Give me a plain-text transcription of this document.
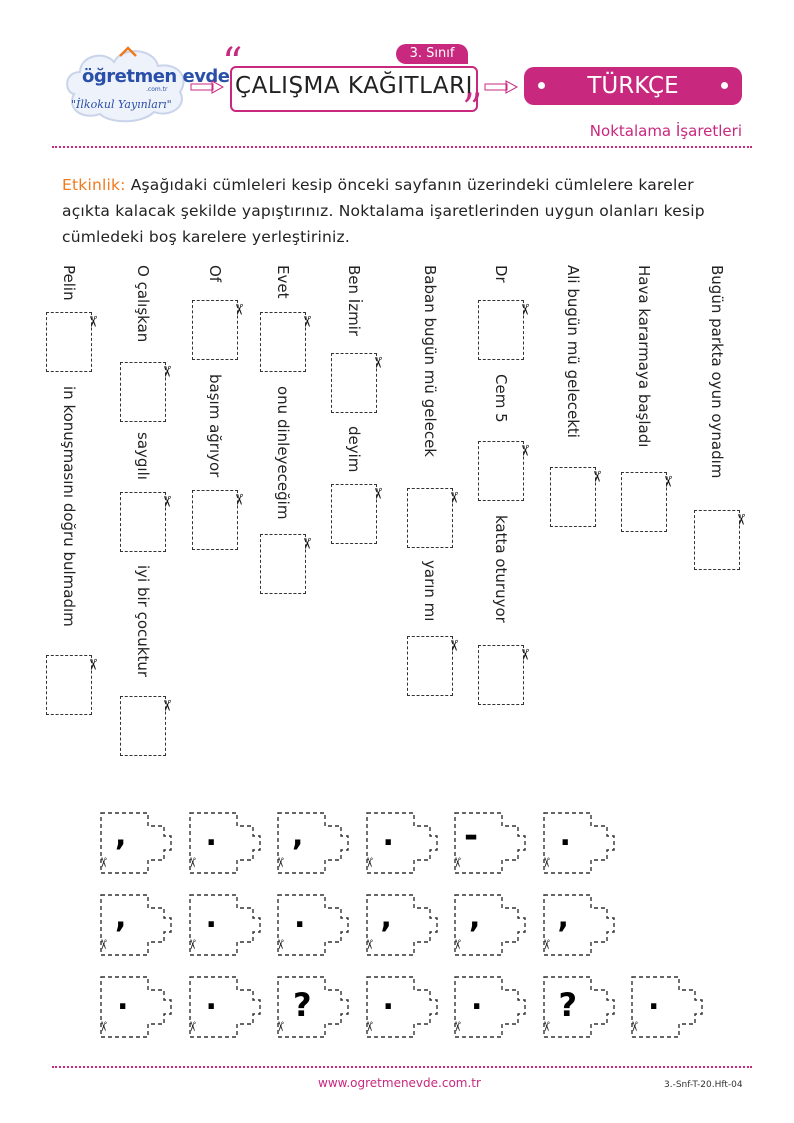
öğretmen evde
.com.tr
"İlkokul Yayınları"
“
”
ÇALIŞMA KAĞITLARI
3. Sınıf
TÜRKÇE
Noktalama İşaretleri
Etkinlik: Aşağıdaki cümleleri kesip önceki sayfanın üzerindeki cümlelere kareler açıkta kalacak şekilde yapıştırınız. Noktalama işaretlerinden uygun olanları kesip cümledeki boş karelere yerleştiriniz.
Pelin
✂
in konuşmasını doğru bulmadım
✂
O çalışkan
✂
saygılı
✂
iyi bir çocuktur
✂
Of
✂
başım ağrıyor
✂
Evet
✂
onu dinleyeceğim
✂
Ben İzmir
✂
deyim
✂
Baban bugün mü gelecek
✂
yarın mı
✂
Dr
✂
Cem 5
✂
katta oturuyor
✂
Ali bugün mü gelecekti
✂
Hava kararmaya başladı
✂
Bugün parkta oyun oynadım
✂
,
✂
.
✂
,
✂
.
✂
-
✂
.
✂
,
✂
.
✂
.
✂
,
✂
,
✂
,
✂
.
✂
.
✂
?
✂
.
✂
.
✂
?
✂
.
✂
www.ogretmenevde.com.tr	3.-Snf-T-20.Hft-04
